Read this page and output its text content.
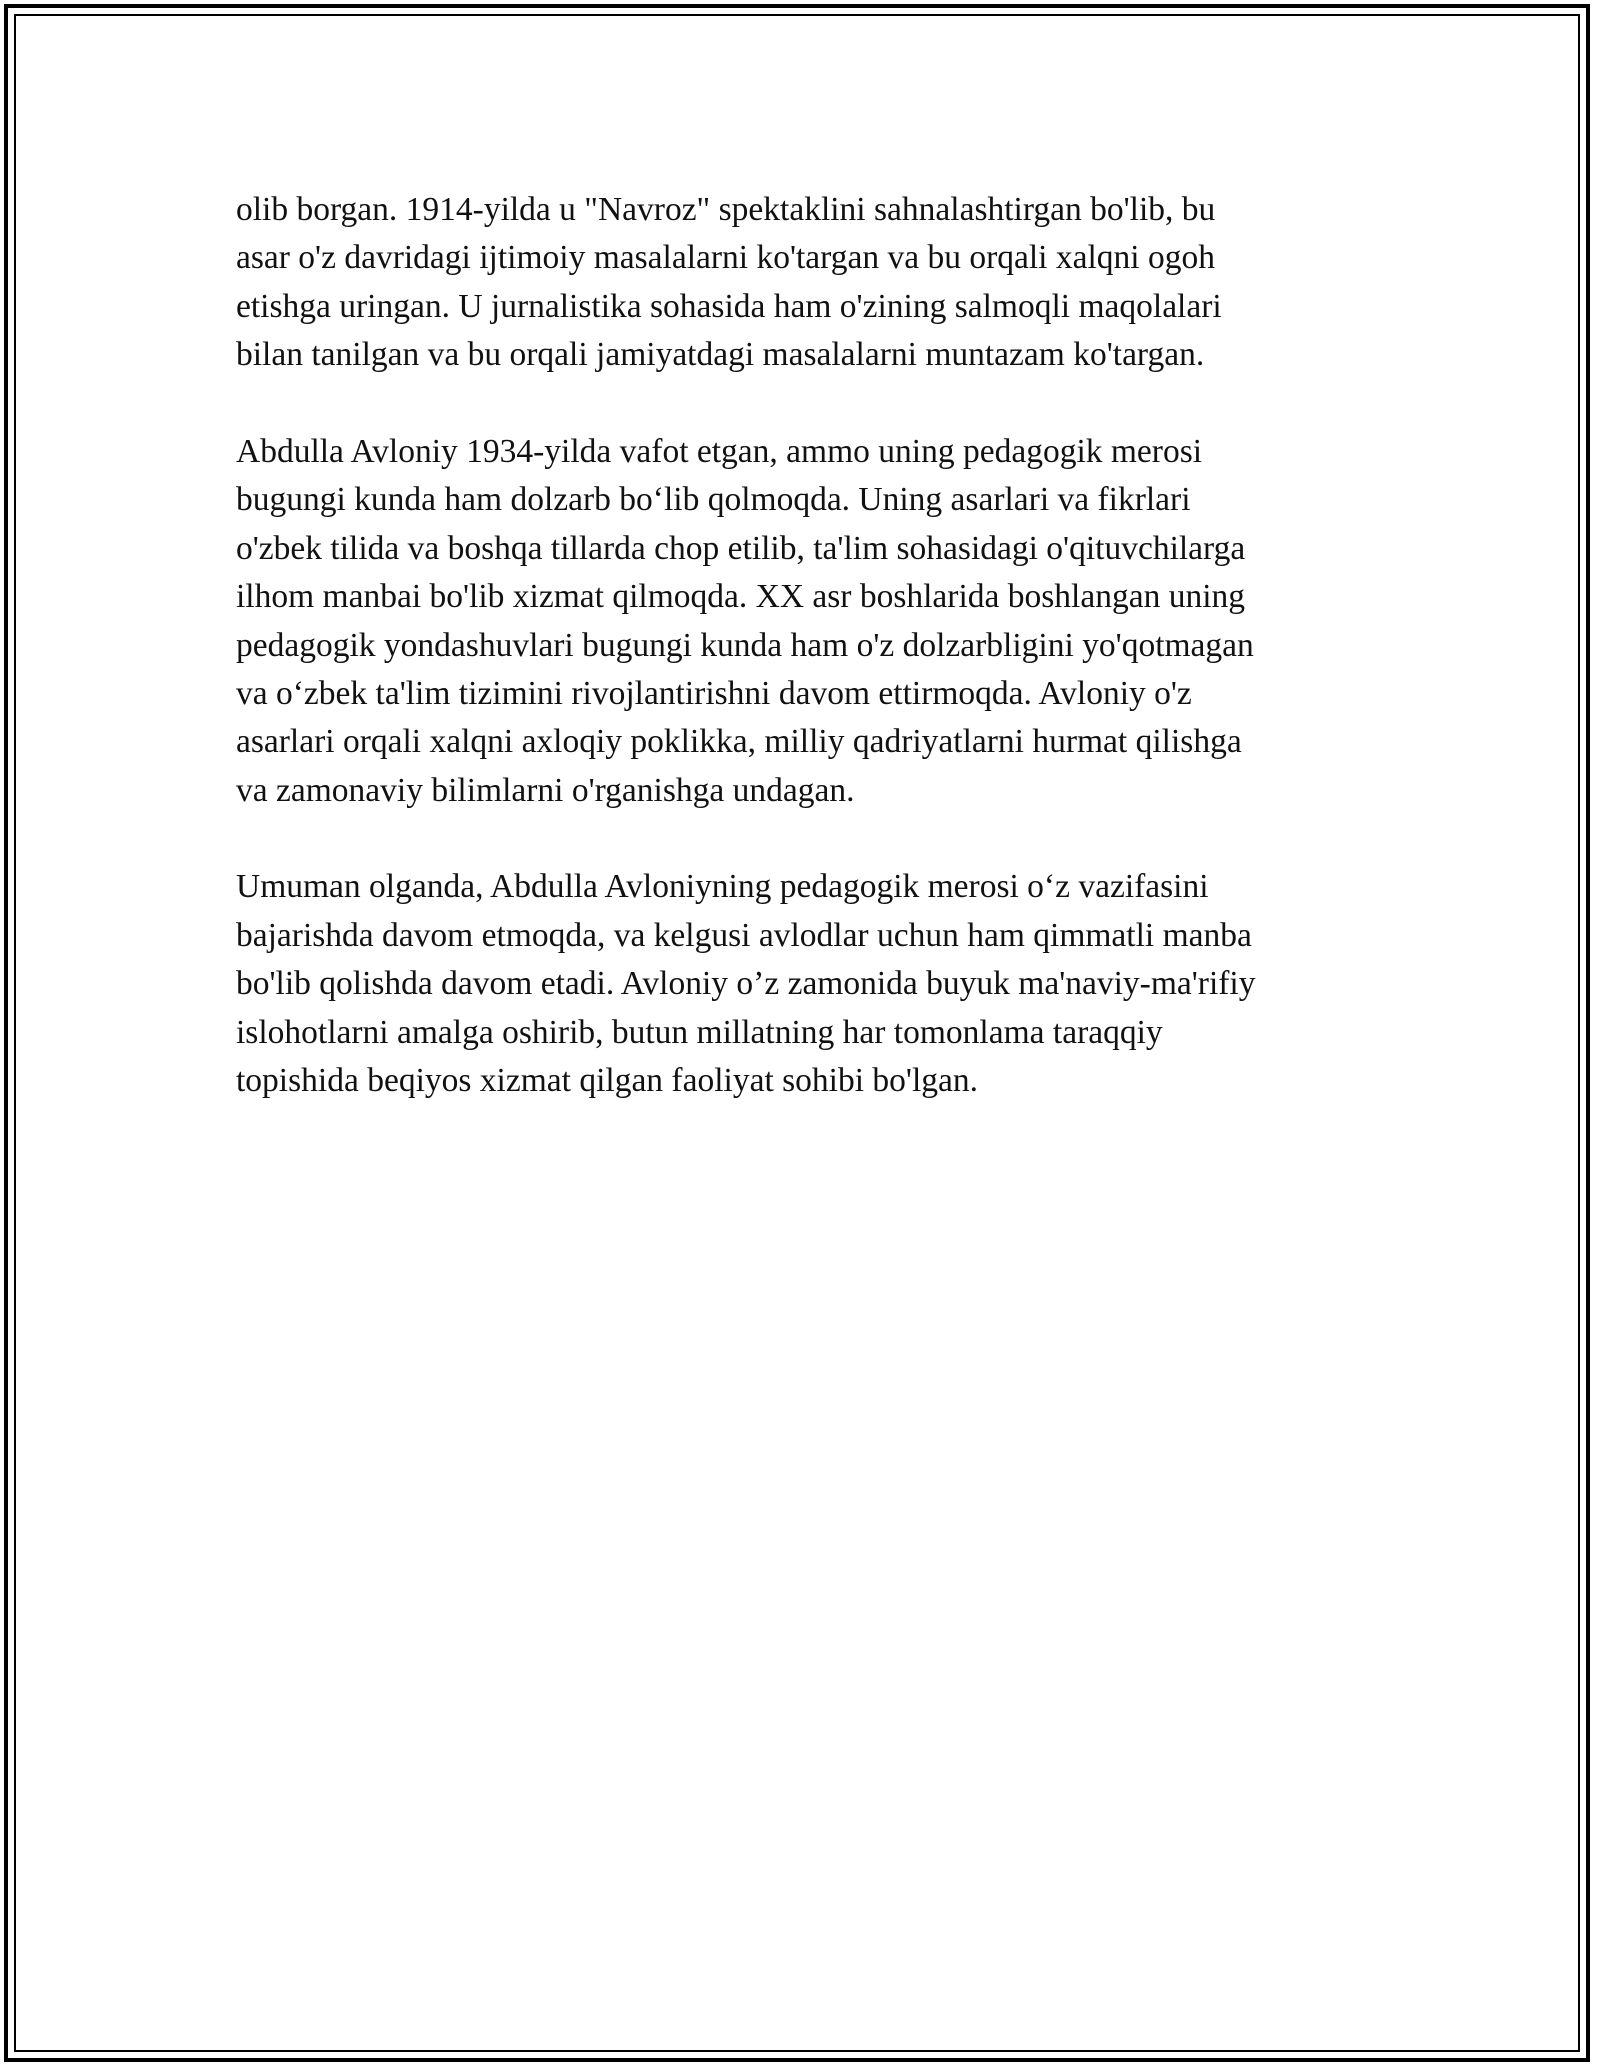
olib borgan. 1914-yilda u "Navroz" spektaklini sahnalashtirgan bo'lib, bu
asar o'z davridagi ijtimoiy masalalarni ko'targan va bu orqali xalqni ogoh
etishga uringan. U jurnalistika sohasida ham o'zining salmoqli maqolalari
bilan tanilgan va bu orqali jamiyatdagi masalalarni muntazam ko'targan.
Abdulla Avloniy 1934-yilda vafot etgan, ammo uning pedagogik merosi
bugungi kunda ham dolzarb bo‘lib qolmoqda. Uning asarlari va fikrlari
o'zbek tilida va boshqa tillarda chop etilib, ta'lim sohasidagi o'qituvchilarga
ilhom manbai bo'lib xizmat qilmoqda. XX asr boshlarida boshlangan uning
pedagogik yondashuvlari bugungi kunda ham o'z dolzarbligini yo'qotmagan
va o‘zbek ta'lim tizimini rivojlantirishni davom ettirmoqda. Avloniy o'z
asarlari orqali xalqni axloqiy poklikka, milliy qadriyatlarni hurmat qilishga
va zamonaviy bilimlarni o'rganishga undagan.
Umuman olganda, Abdulla Avloniyning pedagogik merosi o‘z vazifasini
bajarishda davom etmoqda, va kelgusi avlodlar uchun ham qimmatli manba
bo'lib qolishda davom etadi. Avloniy o’z zamonida buyuk ma'naviy-ma'rifiy
islohotlarni amalga oshirib, butun millatning har tomonlama taraqqiy
topishida beqiyos xizmat qilgan faoliyat sohibi bo'lgan.
